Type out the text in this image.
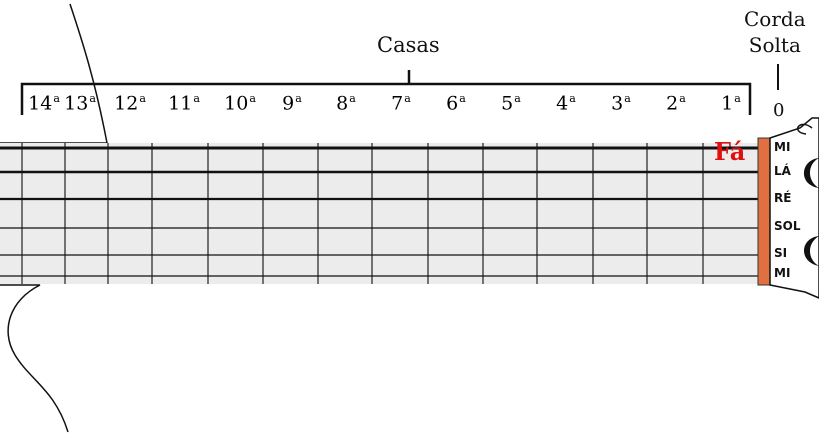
Casas
Corda
Solta
0
14$^a$ 13$^a$ 12$^a$ 11$^a$ 10$^a$ 9$^a$ 8$^a$ 7$^a$ 6$^a$ 5$^a$ 4$^a$ 3$^a$ 2$^a$ 1$^a$
MI
LÁ
RÉ
SOL
SI
MI
Fá
